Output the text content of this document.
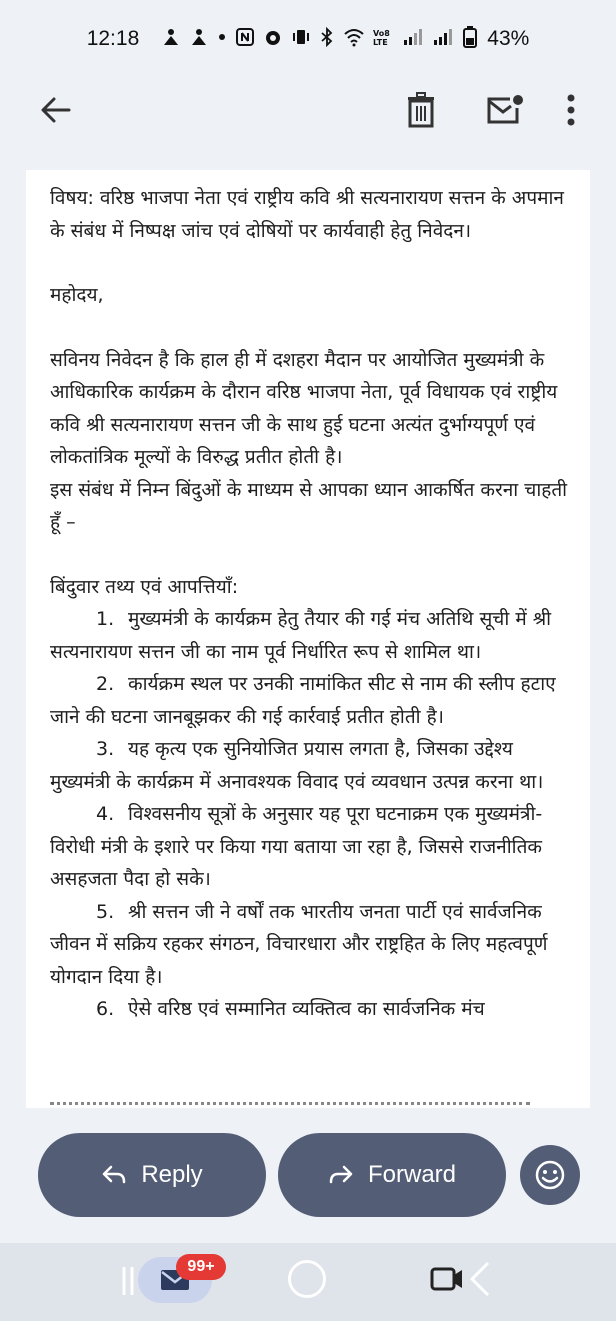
12:18	Vo8
LTE	43%

विषय: वरिष्ठ भाजपा नेता एवं राष्ट्रीय कवि श्री सत्यनारायण सत्तन के अपमान के संबंध में निष्पक्ष जांच एवं दोषियों पर कार्यवाही हेतु निवेदन।

महोदय,

सविनय निवेदन है कि हाल ही में दशहरा मैदान पर आयोजित मुख्यमंत्री के आधिकारिक कार्यक्रम के दौरान वरिष्ठ भाजपा नेता, पूर्व विधायक एवं राष्ट्रीय कवि श्री सत्यनारायण सत्तन जी के साथ हुई घटना अत्यंत दुर्भाग्यपूर्ण एवं लोकतांत्रिक मूल्यों के विरुद्ध प्रतीत होती है।

इस संबंध में निम्न बिंदुओं के माध्यम से आपका ध्यान आकर्षित करना चाहती हूँ –

बिंदुवार तथ्य एवं आपत्तियाँ:

1. मुख्यमंत्री के कार्यक्रम हेतु तैयार की गई मंच अतिथि सूची में श्री सत्यनारायण सत्तन जी का नाम पूर्व निर्धारित रूप से शामिल था।

2. कार्यक्रम स्थल पर उनकी नामांकित सीट से नाम की स्लीप हटाए जाने की घटना जानबूझकर की गई कार्रवाई प्रतीत होती है।

3. यह कृत्य एक सुनियोजित प्रयास लगता है, जिसका उद्देश्य मुख्यमंत्री के कार्यक्रम में अनावश्यक विवाद एवं व्यवधान उत्पन्न करना था।

4. विश्वसनीय सूत्रों के अनुसार यह पूरा घटनाक्रम एक मुख्यमंत्री-विरोधी मंत्री के इशारे पर किया गया बताया जा रहा है, जिससे राजनीतिक असहजता पैदा हो सके।

5. श्री सत्तन जी ने वर्षों तक भारतीय जनता पार्टी एवं सार्वजनिक जीवन में सक्रिय रहकर संगठन, विचारधारा और राष्ट्रहित के लिए महत्वपूर्ण योगदान दिया है।

6. ऐसे वरिष्ठ एवं सम्मानित व्यक्तित्व का सार्वजनिक मंच

Reply	Forward
99+
